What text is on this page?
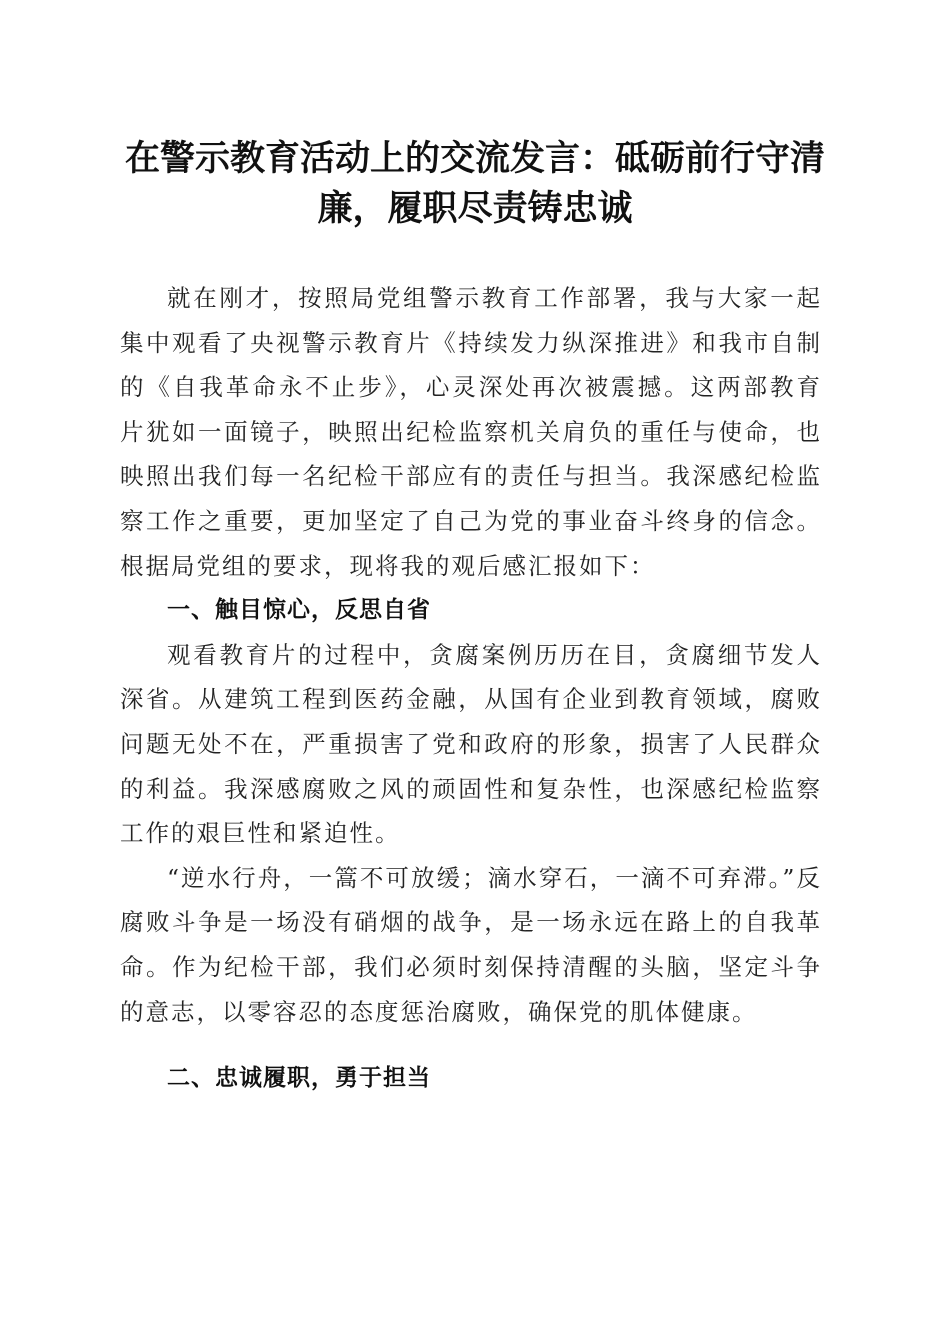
在警示教育活动上的交流发言：砥砺前行守清廉，履职尽责铸忠诚

就在刚才，按照局党组警示教育工作部署，我与大家一起集中观看了央视警示教育片《持续发力纵深推进》和我市自制的《自我革命永不止步》，心灵深处再次被震撼。这两部教育片犹如一面镜子，映照出纪检监察机关肩负的重任与使命，也映照出我们每一名纪检干部应有的责任与担当。我深感纪检监察工作之重要，更加坚定了自己为党的事业奋斗终身的信念。根据局党组的要求，现将我的观后感汇报如下：

一、触目惊心，反思自省

观看教育片的过程中，贪腐案例历历在目，贪腐细节发人深省。从建筑工程到医药金融，从国有企业到教育领域，腐败问题无处不在，严重损害了党和政府的形象，损害了人民群众的利益。我深感腐败之风的顽固性和复杂性，也深感纪检监察工作的艰巨性和紧迫性。

“逆水行舟，一篙不可放缓；滴水穿石，一滴不可弃滞。”反腐败斗争是一场没有硝烟的战争，是一场永远在路上的自我革命。作为纪检干部，我们必须时刻保持清醒的头脑，坚定斗争的意志，以零容忍的态度惩治腐败，确保党的肌体健康。

二、忠诚履职，勇于担当
